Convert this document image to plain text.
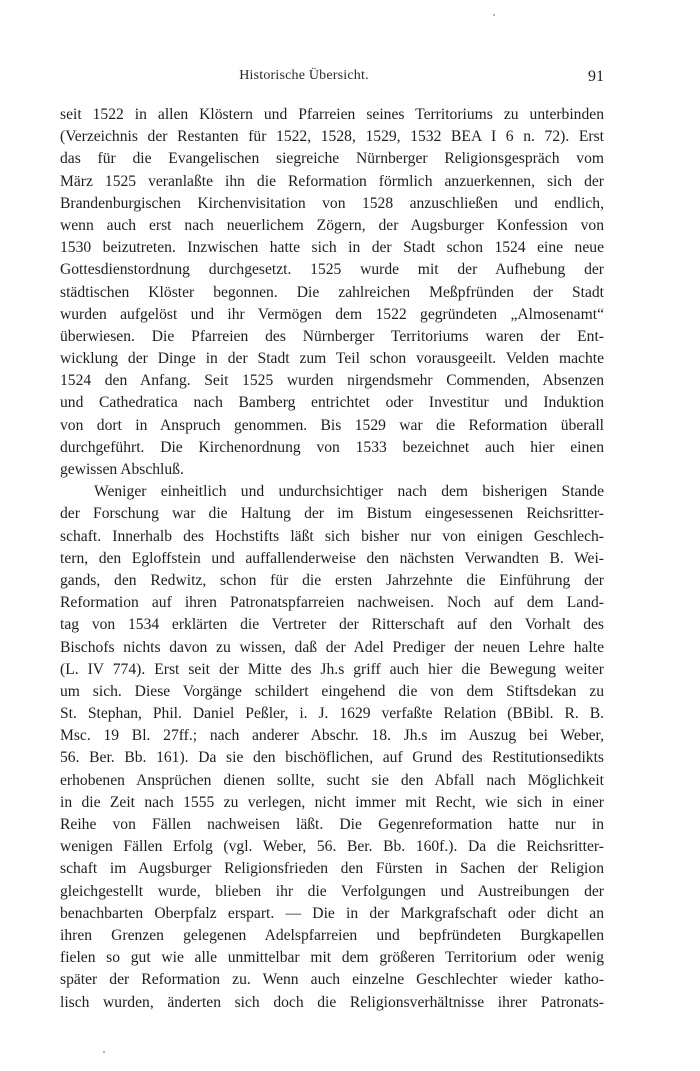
Historische Übersicht.	91
seit 1522 in allen Klöstern und Pfarreien seines Territoriums zu unterbinden
(Verzeichnis der Restanten für 1522, 1528, 1529, 1532 BEA I 6 n. 72). Erst
das für die Evangelischen siegreiche Nürnberger Religionsgespräch vom
März 1525 veranlaßte ihn die Reformation förmlich anzuerkennen, sich der
Brandenburgischen Kirchenvisitation von 1528 anzuschließen und endlich,
wenn auch erst nach neuerlichem Zögern, der Augsburger Konfession von
1530 beizutreten. Inzwischen hatte sich in der Stadt schon 1524 eine neue
Gottesdienstordnung durchgesetzt. 1525 wurde mit der Aufhebung der
städtischen Klöster begonnen. Die zahlreichen Meßpfründen der Stadt
wurden aufgelöst und ihr Vermögen dem 1522 gegründeten „Almosenamt“
überwiesen. Die Pfarreien des Nürnberger Territoriums waren der Ent-
wicklung der Dinge in der Stadt zum Teil schon vorausgeeilt. Velden machte
1524 den Anfang. Seit 1525 wurden nirgendsmehr Commenden, Absenzen
und Cathedratica nach Bamberg entrichtet oder Investitur und Induktion
von dort in Anspruch genommen. Bis 1529 war die Reformation überall
durchgeführt. Die Kirchenordnung von 1533 bezeichnet auch hier einen
gewissen Abschluß.
Weniger einheitlich und undurchsichtiger nach dem bisherigen Stande
der Forschung war die Haltung der im Bistum eingesessenen Reichsritter-
schaft. Innerhalb des Hochstifts läßt sich bisher nur von einigen Geschlech-
tern, den Egloffstein und auffallenderweise den nächsten Verwandten B. Wei-
gands, den Redwitz, schon für die ersten Jahrzehnte die Einführung der
Reformation auf ihren Patronatspfarreien nachweisen. Noch auf dem Land-
tag von 1534 erklärten die Vertreter der Ritterschaft auf den Vorhalt des
Bischofs nichts davon zu wissen, daß der Adel Prediger der neuen Lehre halte
(L. IV 774). Erst seit der Mitte des Jh.s griff auch hier die Bewegung weiter
um sich. Diese Vorgänge schildert eingehend die von dem Stiftsdekan zu
St. Stephan, Phil. Daniel Peßler, i. J. 1629 verfaßte Relation (BBibl. R. B.
Msc. 19 Bl. 27ff.; nach anderer Abschr. 18. Jh.s im Auszug bei Weber,
56. Ber. Bb. 161). Da sie den bischöflichen, auf Grund des Restitutionsedikts
erhobenen Ansprüchen dienen sollte, sucht sie den Abfall nach Möglichkeit
in die Zeit nach 1555 zu verlegen, nicht immer mit Recht, wie sich in einer
Reihe von Fällen nachweisen läßt. Die Gegenreformation hatte nur in
wenigen Fällen Erfolg (vgl. Weber, 56. Ber. Bb. 160f.). Da die Reichsritter-
schaft im Augsburger Religionsfrieden den Fürsten in Sachen der Religion
gleichgestellt wurde, blieben ihr die Verfolgungen und Austreibungen der
benachbarten Oberpfalz erspart. — Die in der Markgrafschaft oder dicht an
ihren Grenzen gelegenen Adelspfarreien und bepfründeten Burgkapellen
fielen so gut wie alle unmittelbar mit dem größeren Territorium oder wenig
später der Reformation zu. Wenn auch einzelne Geschlechter wieder katho-
lisch wurden, änderten sich doch die Religionsverhältnisse ihrer Patronats-
